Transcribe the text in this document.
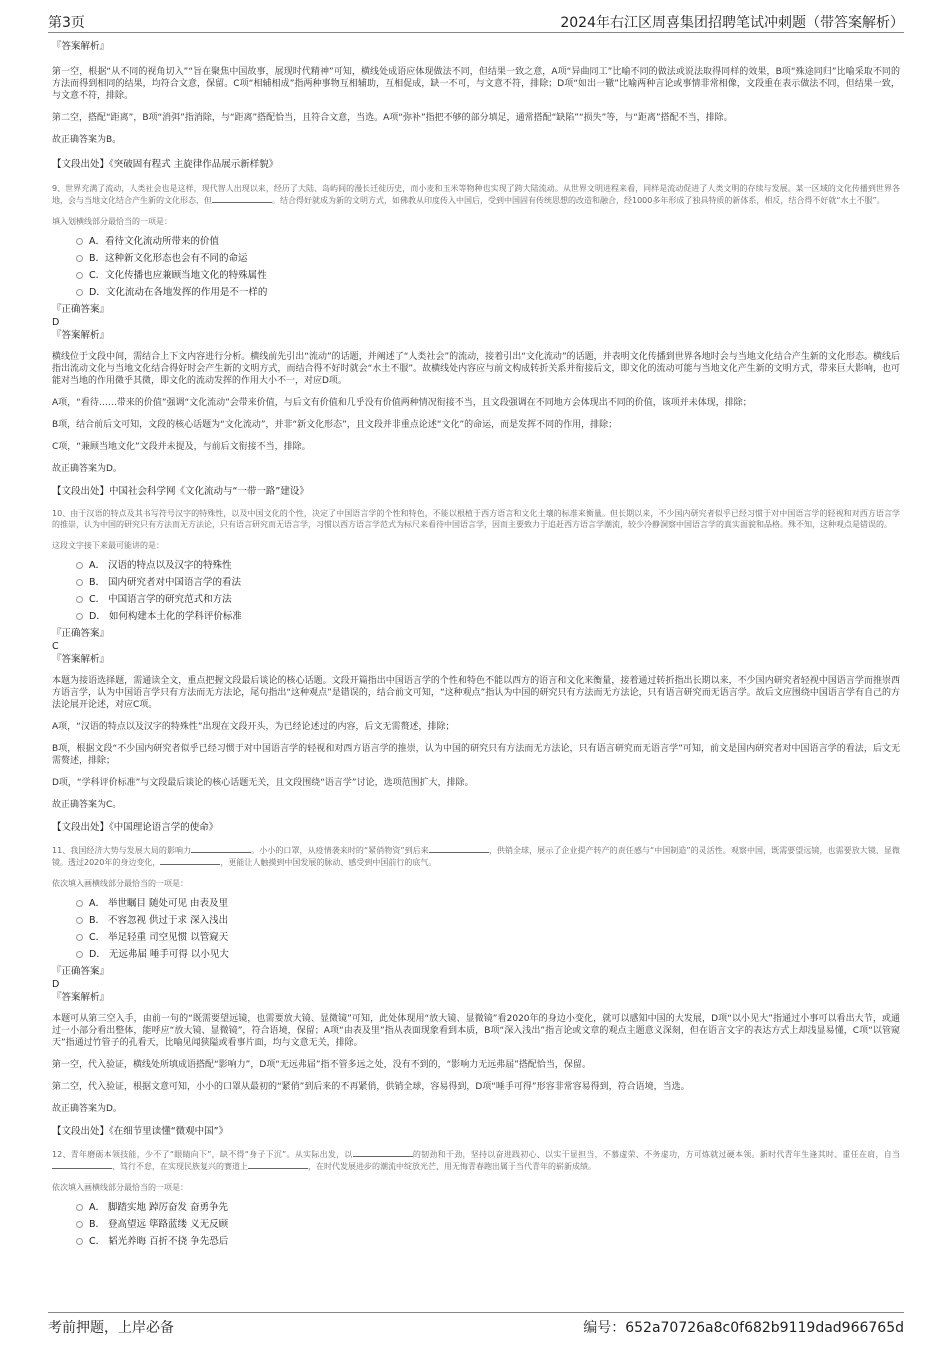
第3页	2024年右江区周喜集团招聘笔试冲刺题（带答案解析）
『答案解析』
第一空，根据“从不同的视角切入”“旨在聚焦中国故事，展现时代精神”可知，横线处成语应体现做法不同，但结果一致之意，A项“异曲同工”比喻不同的做法或说法取得同样的效果，B项“殊途同归”比喻采取不同的方法而得到相同的结果，均符合文意，保留。C项“相辅相成”指两种事物互相辅助，互相促成，缺一不可，与文意不符，排除；D项“如出一辙”比喻两种言论或事情非常相像，文段重在表示做法不同，但结果一致，与文意不符，排除。
第二空，搭配“距离”，B项“消弭”指消除，与“距离”搭配恰当，且符合文意，当选。A项“弥补”指把不够的部分填足，通常搭配“缺陷”“损失”等，与“距离”搭配不当，排除。
故正确答案为B。
【文段出处】《突破固有程式 主旋律作品展示新样貌》
9、世界充满了流动，人类社会也是这样，现代智人出现以来，经历了大陆、岛屿间的漫长迁徙历史，而小麦和玉米等物种也实现了跨大陆流动。从世界文明进程来看，同样是流动促进了人类文明的存续与发展。某一区域的文化传播到世界各地，会与当地文化结合产生新的文化形态，但	。结合得好就成为新的文明方式，如佛教从印度传入中国后，受到中国固有传统思想的改造和融合，经1000多年形成了独具特质的新体系，相反，结合得不好就“水土不服”。
填入划横线部分最恰当的一项是：
A．看待文化流动所带来的价值
B．这种新文化形态也会有不同的命运
C．文化传播也应兼顾当地文化的特殊属性
D．文化流动在各地发挥的作用是不一样的
『正确答案』
D
『答案解析』
横线位于文段中间，需结合上下文内容进行分析。横线前先引出“流动”的话题，并阐述了“人类社会”的流动，接着引出“文化流动”的话题，并表明文化传播到世界各地时会与当地文化结合产生新的文化形态。横线后指出流动文化与当地文化结合得好时会产生新的文明方式，而结合得不好时就会“水土不服”。故横线处内容应与前文构成转折关系并衔接后文，即文化的流动可能与当地文化产生新的文明方式，带来巨大影响，也可能对当地的作用微乎其微，即文化的流动发挥的作用大小不一，对应D项。
A项，“看待……带来的价值”强调“文化流动”会带来价值，与后文有价值和几乎没有价值两种情况衔接不当，且文段强调在不同地方会体现出不同的价值，该项并未体现，排除；
B项，结合前后文可知，文段的核心话题为“文化流动”，并非“新文化形态”，且文段并非重点论述“文化”的命运，而是发挥不同的作用，排除；
C项，“兼顾当地文化”文段并未提及，与前后文衔接不当，排除。
故正确答案为D。
【文段出处】中国社会科学网《文化流动与“一带一路”建设》
10、由于汉语的特点及其书写符号汉字的特殊性，以及中国文化的个性，决定了中国语言学的个性和特色，不能以根植于西方语言和文化土壤的标准来衡量。但长期以来，不少国内研究者似乎已经习惯于对中国语言学的轻视和对西方语言学的推崇，认为中国的研究只有方法而无方法论，只有语言研究而无语言学，习惯以西方语言学范式为标尺来看待中国语言学，因而主要致力于追赶西方语言学潮流，较少冷静洞察中国语言学的真实面貌和品格。殊不知，这种观点是错误的。
这段文字接下来最可能讲的是：
A． 汉语的特点以及汉字的特殊性
B． 国内研究者对中国语言学的看法
C． 中国语言学的研究范式和方法
D． 如何构建本土化的学科评价标准
『正确答案』
C
『答案解析』
本题为接语选择题，需通读全文，重点把握文段最后谈论的核心话题。文段开篇指出中国语言学的个性和特色不能以西方的语言和文化来衡量，接着通过转折指出长期以来，不少国内研究者轻视中国语言学而推崇西方语言学，认为中国语言学只有方法而无方法论，尾句指出“这种观点”是错误的，结合前文可知，“这种观点”指认为中国的研究只有方法而无方法论，只有语言研究而无语言学。故后文应围绕中国语言学有自己的方法论展开论述，对应C项。
A项，“汉语的特点以及汉字的特殊性”出现在文段开头，为已经论述过的内容，后文无需赘述，排除；
B项，根据文段“不少国内研究者似乎已经习惯于对中国语言学的轻视和对西方语言学的推崇，认为中国的研究只有方法而无方法论，只有语言研究而无语言学”可知，前文是国内研究者对中国语言学的看法，后文无需赘述，排除；
D项，“学科评价标准”与文段最后谈论的核心话题无关，且文段围绕“语言学”讨论，选项范围扩大，排除。
故正确答案为C。
【文段出处】《中国理论语言学的使命》
11、我国经济大势与发展大局的影响力	。小小的口罩，从疫情袭来时的“紧俏物资”到后来	，供销全球，展示了企业提产转产的责任感与“中国制造”的灵活性。观察中国，既需要望远镜，也需要放大镜、显微镜。透过2020年的身边变化，	，更能让人触摸到中国发展的脉动、感受到中国前行的底气。
依次填入画横线部分最恰当的一项是：
A． 举世瞩目 随处可见 由表及里
B． 不容忽视 供过于求 深入浅出
C． 举足轻重 司空见惯 以管窥天
D． 无远弗届 唾手可得 以小见大
『正确答案』
D
『答案解析』
本题可从第三空入手，由前一句的“既需要望远镜，也需要放大镜、显微镜”可知，此处体现用“放大镜、显微镜”看2020年的身边小变化，就可以感知中国的大发展，D项“以小见大”指通过小事可以看出大节，或通过一小部分看出整体，能呼应“放大镜、显微镜”，符合语境，保留；A项“由表及里”指从表面现象看到本质，B项“深入浅出”指言论或文章的观点主题意义深刻，但在语言文字的表达方式上却浅显易懂，C项“以管窥天”指通过竹管子的孔看天，比喻见闻狭隘或看事片面，均与文意无关，排除。
第一空，代入验证，横线处所填成语搭配“影响力”，D项“无远弗届”指不管多远之处，没有不到的，“影响力无远弗届”搭配恰当，保留。
第二空，代入验证，根据文意可知，小小的口罩从最初的“紧俏”到后来的不再紧俏，供销全球，容易得到，D项“唾手可得”形容非常容易得到，符合语境，当选。
故正确答案为D。
【文段出处】《在细节里读懂“微观中国”》
12、青年磨砺本领技能，少不了“眼睛向下”，缺不得“身子下沉”。从实际出发，以	的韧劲和干劲，坚持以奋进践初心、以实干显担当，不慕虚荣、不务虚功，方可炼就过硬本领。新时代青年生逢其时、重任在肩，自当、笃行不怠，在实现民族复兴的赛道上	，在时代发展进步的潮流中绽放光芒，用无悔青春跑出属于当代青年的崭新成绩。
依次填入画横线部分最恰当的一项是：
A． 脚踏实地 踔厉奋发 奋勇争先
B． 登高望远 筚路蓝缕 义无反顾
C． 韬光养晦 百折不挠 争先恐后
考前押题，上岸必备	编号：652a70726a8c0f682b9119dad966765d
